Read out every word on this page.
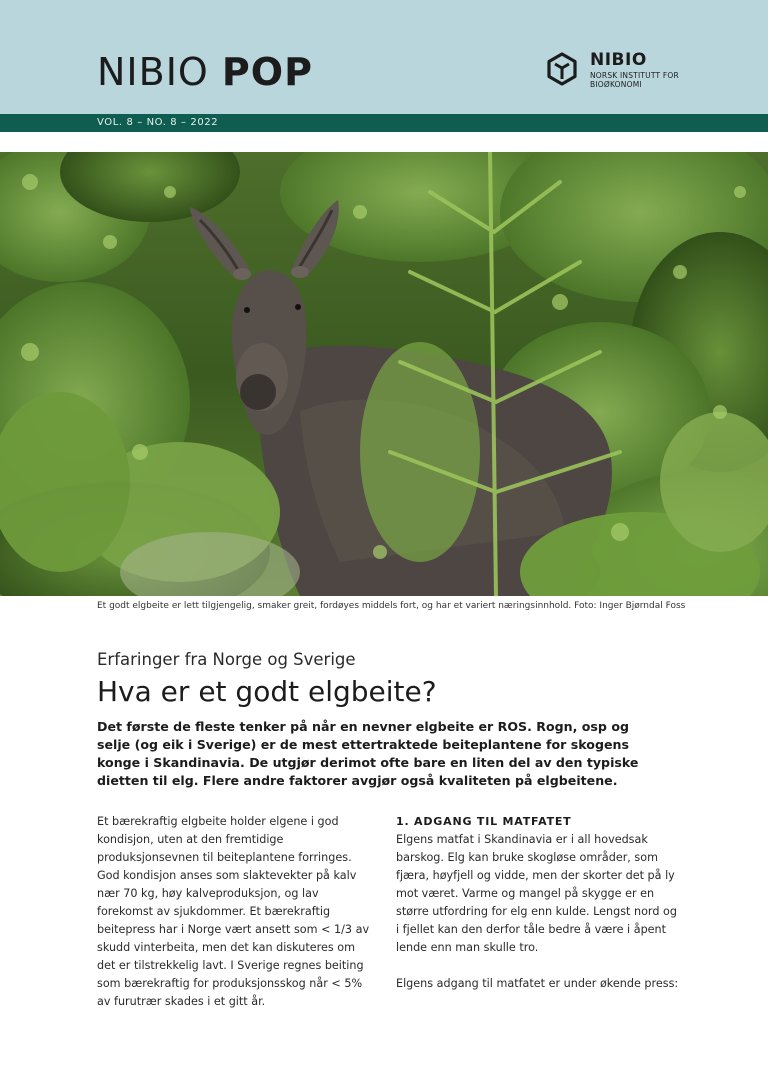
NIBIO POP	NIBIO
NORSK INSTITUTT FOR
BIOØKONOMI
VOL. 8 – NO. 8 – 2022
Et godt elgbeite er lett tilgjengelig, smaker greit, fordøyes middels fort, og har et variert næringsinnhold. Foto: Inger Bjørndal Foss
Erfaringer fra Norge og Sverige
Hva er et godt elgbeite?
Det første de fleste tenker på når en nevner elgbeite er ROS. Rogn, osp og selje (og eik i Sverige) er de mest ettertraktede beiteplantene for skogens konge i Skandinavia. De utgjør derimot ofte bare en liten del av den typiske dietten til elg. Flere andre faktorer avgjør også kvaliteten på elgbeitene.

Et bærekraftig elgbeite holder elgene i god kondisjon, uten at den fremtidige produksjonsevnen til beiteplantene forringes. God kondisjon anses som slaktevekter på kalv nær 70 kg, høy kalveproduksjon, og lav forekomst av sjukdommer. Et bærekraftig beitepress har i Norge vært ansett som < 1/3 av skudd vinterbeita, men det kan diskuteres om det er tilstrekkelig lavt. I Sverige regnes beiting som bærekraftig for produksjonsskog når < 5% av furutrær skades i et gitt år.

1. ADGANG TIL MATFATET

Elgens matfat i Skandinavia er i all hovedsak barskog. Elg kan bruke skogløse områder, som fjæra, høyfjell og vidde, men der skorter det på ly mot været. Varme og mangel på skygge er en større utfordring for elg enn kulde. Lengst nord og i fjellet kan den derfor tåle bedre å være i åpent lende enn man skulle tro.

Elgens adgang til matfatet er under økende press:
